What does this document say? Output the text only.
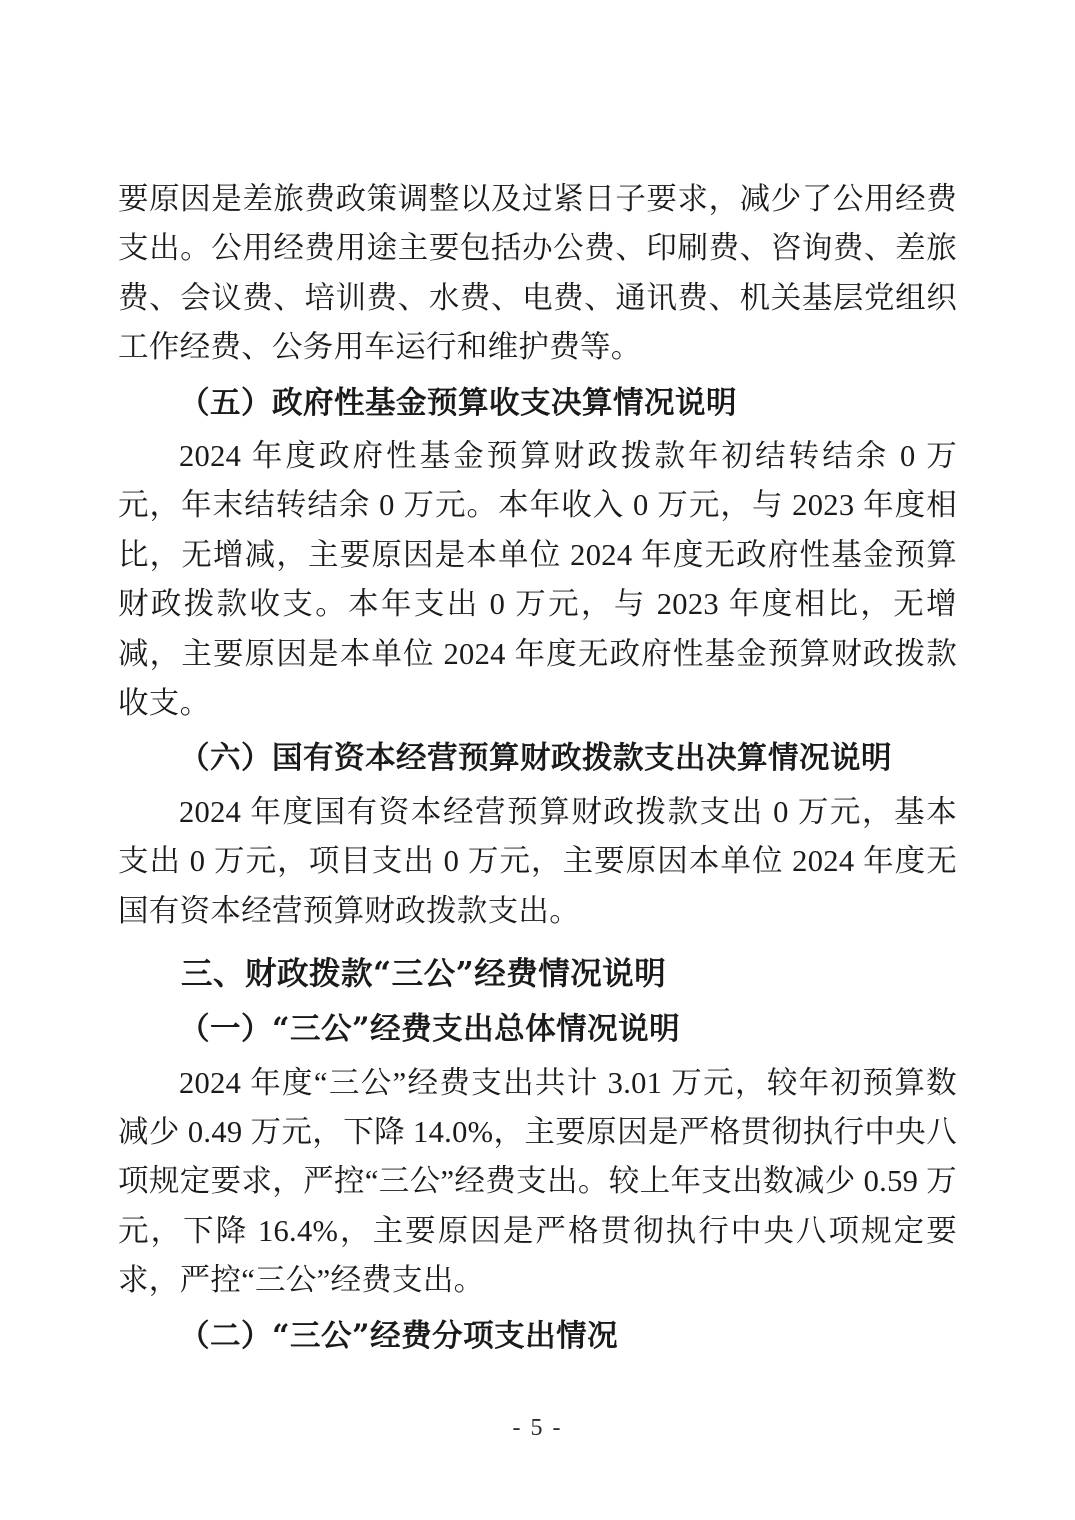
要原因是差旅费政策调整以及过紧日子要求，减少了公用经费支出。公用经费用途主要包括办公费、印刷费、咨询费、差旅费、会议费、培训费、水费、电费、通讯费、机关基层党组织工作经费、公务用车运行和维护费等。

（五）政府性基金预算收支决算情况说明

2024 年度政府性基金预算财政拨款年初结转结余 0 万元，年末结转结余 0 万元。本年收入 0 万元，与 2023 年度相比，无增减，主要原因是本单位 2024 年度无政府性基金预算财政拨款收支。本年支出 0 万元，与 2023 年度相比，无增减，主要原因是本单位 2024 年度无政府性基金预算财政拨款收支。

（六）国有资本经营预算财政拨款支出决算情况说明

2024 年度国有资本经营预算财政拨款支出 0 万元，基本支出 0 万元，项目支出 0 万元，主要原因本单位 2024 年度无国有资本经营预算财政拨款支出。

三、财政拨款“三公”经费情况说明

（一）“三公”经费支出总体情况说明

2024 年度“三公”经费支出共计 3.01 万元，较年初预算数减少 0.49 万元，下降 14.0%，主要原因是严格贯彻执行中央八项规定要求，严控“三公”经费支出。较上年支出数减少 0.59 万元，下降 16.4%，主要原因是严格贯彻执行中央八项规定要求，严控“三公”经费支出。

（二）“三公”经费分项支出情况

- 5 -
